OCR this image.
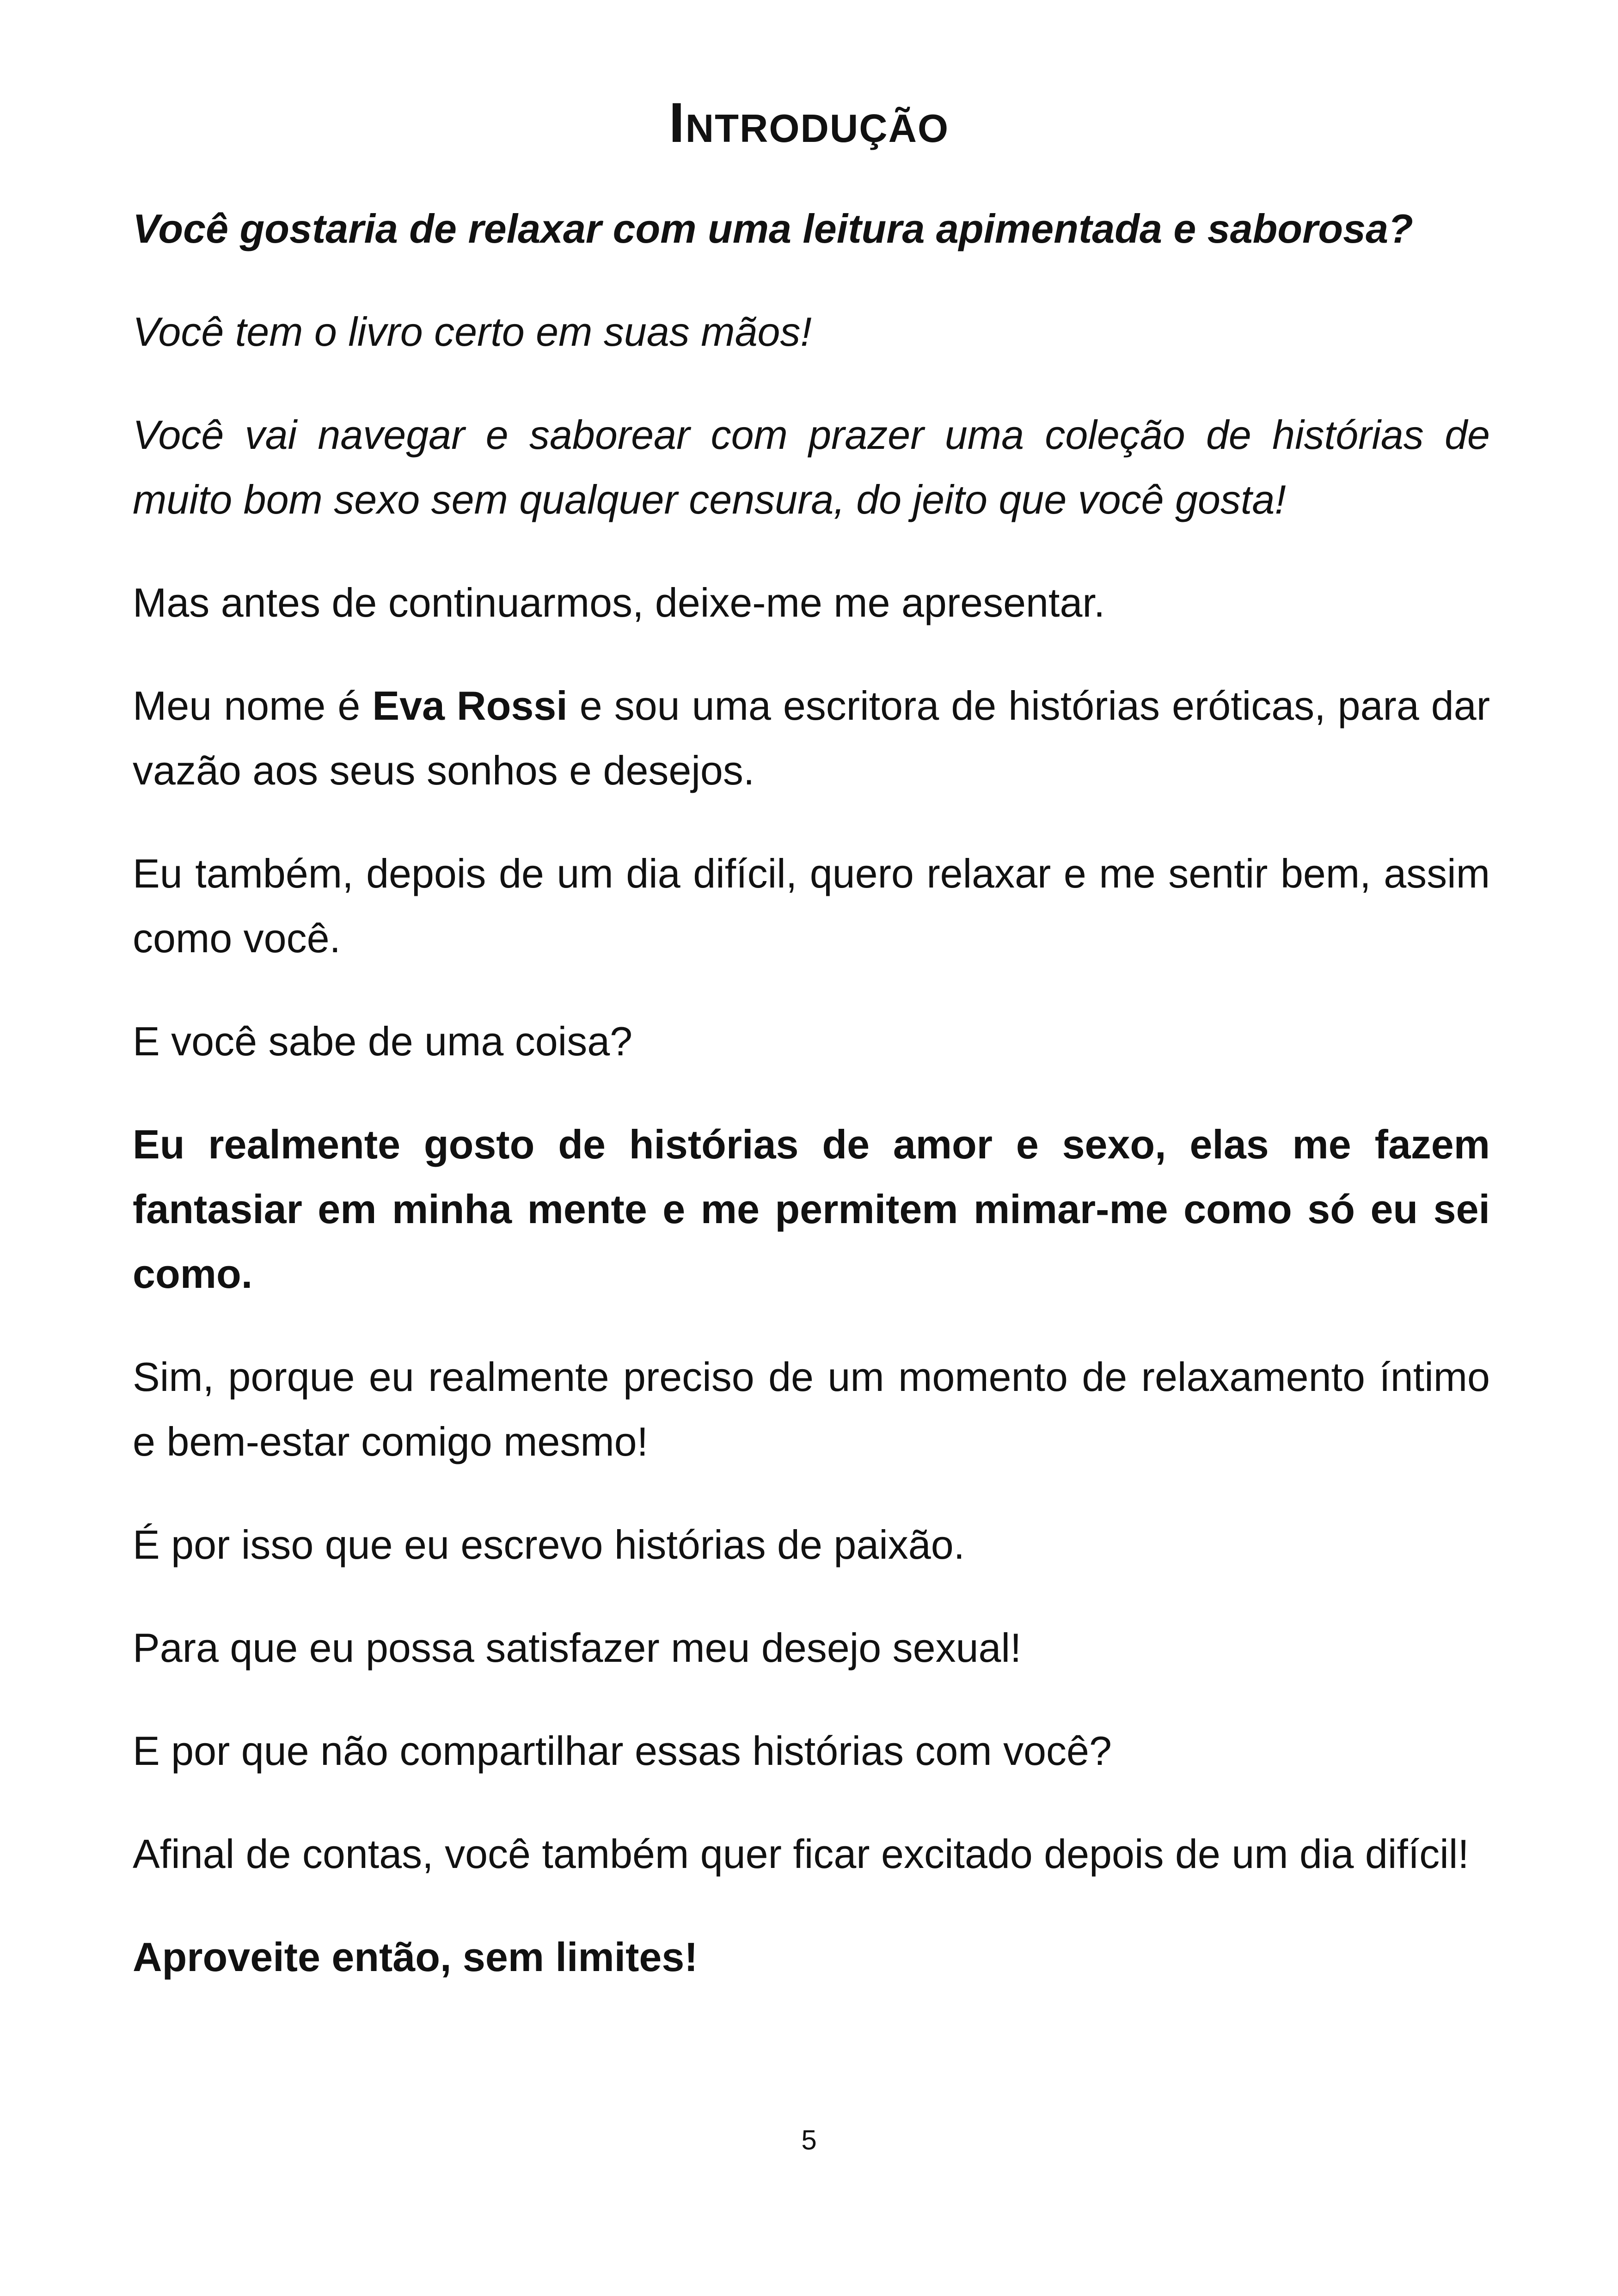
Introdução

Você gostaria de relaxar com uma leitura apimentada e saborosa?

Você tem o livro certo em suas mãos!

Você vai navegar e saborear com prazer uma coleção de histórias de muito bom sexo sem qualquer censura, do jeito que você gosta!

Mas antes de continuarmos, deixe-me me apresentar.

Meu nome é Eva Rossi e sou uma escritora de histórias eróticas, para dar vazão aos seus sonhos e desejos.

Eu também, depois de um dia difícil, quero relaxar e me sentir bem, assim como você.

E você sabe de uma coisa?

Eu realmente gosto de histórias de amor e sexo, elas me fazem fantasiar em minha mente e me permitem mimar-me como só eu sei como.

Sim, porque eu realmente preciso de um momento de relaxamento íntimo e bem-estar comigo mesmo!

É por isso que eu escrevo histórias de paixão.

Para que eu possa satisfazer meu desejo sexual!

E por que não compartilhar essas histórias com você?

Afinal de contas, você também quer ficar excitado depois de um dia difícil!

Aproveite então, sem limites!

5
